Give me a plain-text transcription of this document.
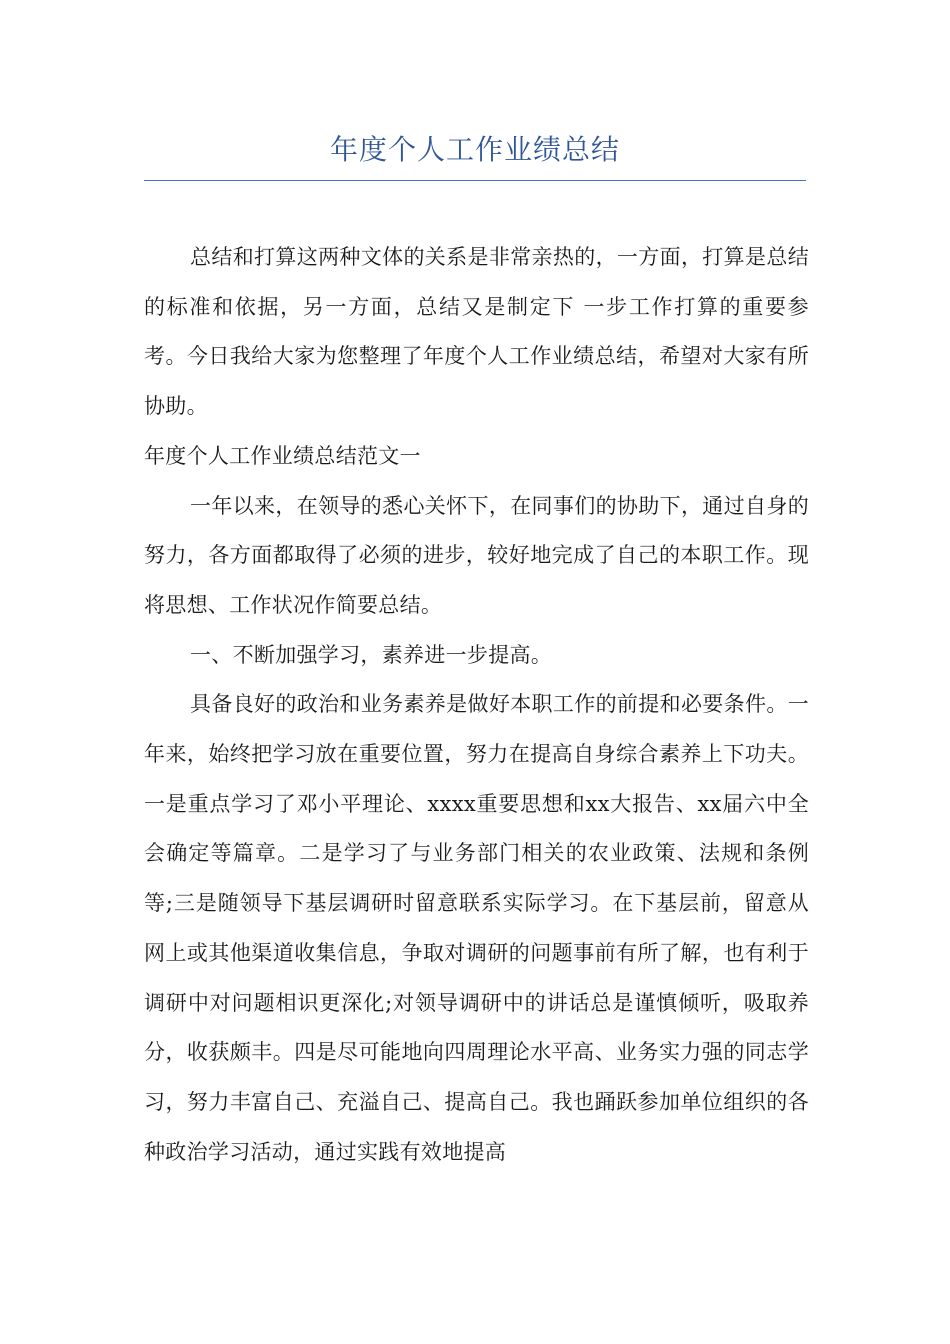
年度个人工作业绩总结

总结和打算这两种文体的关系是非常亲热的，一方面，打算是总结的标准和依据，另一方面，总结又是制定下 一步工作打算的重要参考。今日我给大家为您整理了年度个人工作业绩总结，希望对大家有所协助。

年度个人工作业绩总结范文一

一年以来，在领导的悉心关怀下，在同事们的协助下，通过自身的努力，各方面都取得了必须的进步，较好地完成了自己的本职工作。现将思想、工作状况作简要总结。

一、不断加强学习，素养进一步提高。

具备良好的政治和业务素养是做好本职工作的前提和必要条件。一年来，始终把学习放在重要位置，努力在提高自身综合素养上下功夫。一是重点学习了邓小平理论、xxxx重要思想和xx大报告、xx届六中全会确定等篇章。二是学习了与业务部门相关的农业政策、法规和条例等;三是随领导下基层调研时留意联系实际学习。在下基层前，留意从网上或其他渠道收集信息，争取对调研的问题事前有所了解，也有利于调研中对问题相识更深化;对领导调研中的讲话总是谨慎倾听，吸取养分，收获颇丰。四是尽可能地向四周理论水平高、业务实力强的同志学习，努力丰富自己、充溢自己、提高自己。我也踊跃参加单位组织的各种政治学习活动，通过实践有效地提高
